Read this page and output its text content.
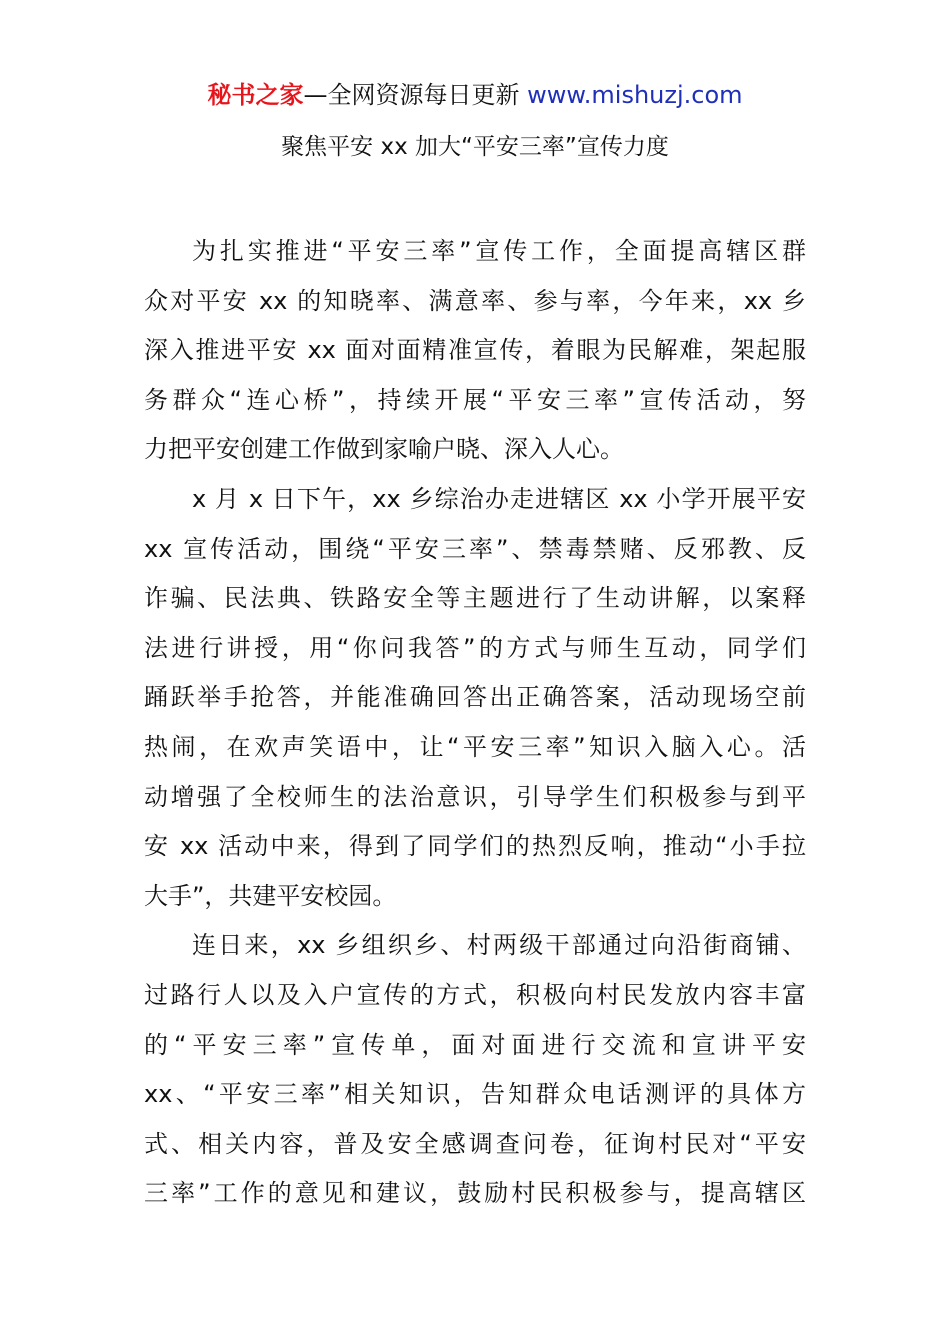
秘书之家—全网资源每日更新 www.mishuzj.com
聚焦平安 xx 加大“平安三率”宣传力度

为扎实推进“平安三率”宣传工作，全面提高辖区群
众对平安 xx 的知晓率、满意率、参与率，今年来，xx 乡
深入推进平安 xx 面对面精准宣传，着眼为民解难，架起服
务群众“连心桥”，持续开展“平安三率”宣传活动，努
力把平安创建工作做到家喻户晓、深入人心。

x 月 x 日下午，xx 乡综治办走进辖区 xx 小学开展平安
xx 宣传活动，围绕“平安三率”、禁毒禁赌、反邪教、反
诈骗、民法典、铁路安全等主题进行了生动讲解，以案释
法进行讲授，用“你问我答”的方式与师生互动，同学们
踊跃举手抢答，并能准确回答出正确答案，活动现场空前
热闹，在欢声笑语中，让“平安三率”知识入脑入心。活
动增强了全校师生的法治意识，引导学生们积极参与到平
安 xx 活动中来，得到了同学们的热烈反响，推动“小手拉
大手”，共建平安校园。

连日来，xx 乡组织乡、村两级干部通过向沿街商铺、
过路行人以及入户宣传的方式，积极向村民发放内容丰富
的“平安三率”宣传单，面对面进行交流和宣讲平安
xx、“平安三率”相关知识，告知群众电话测评的具体方
式、相关内容，普及安全感调查问卷，征询村民对“平安
三率”工作的意见和建议，鼓励村民积极参与，提高辖区
